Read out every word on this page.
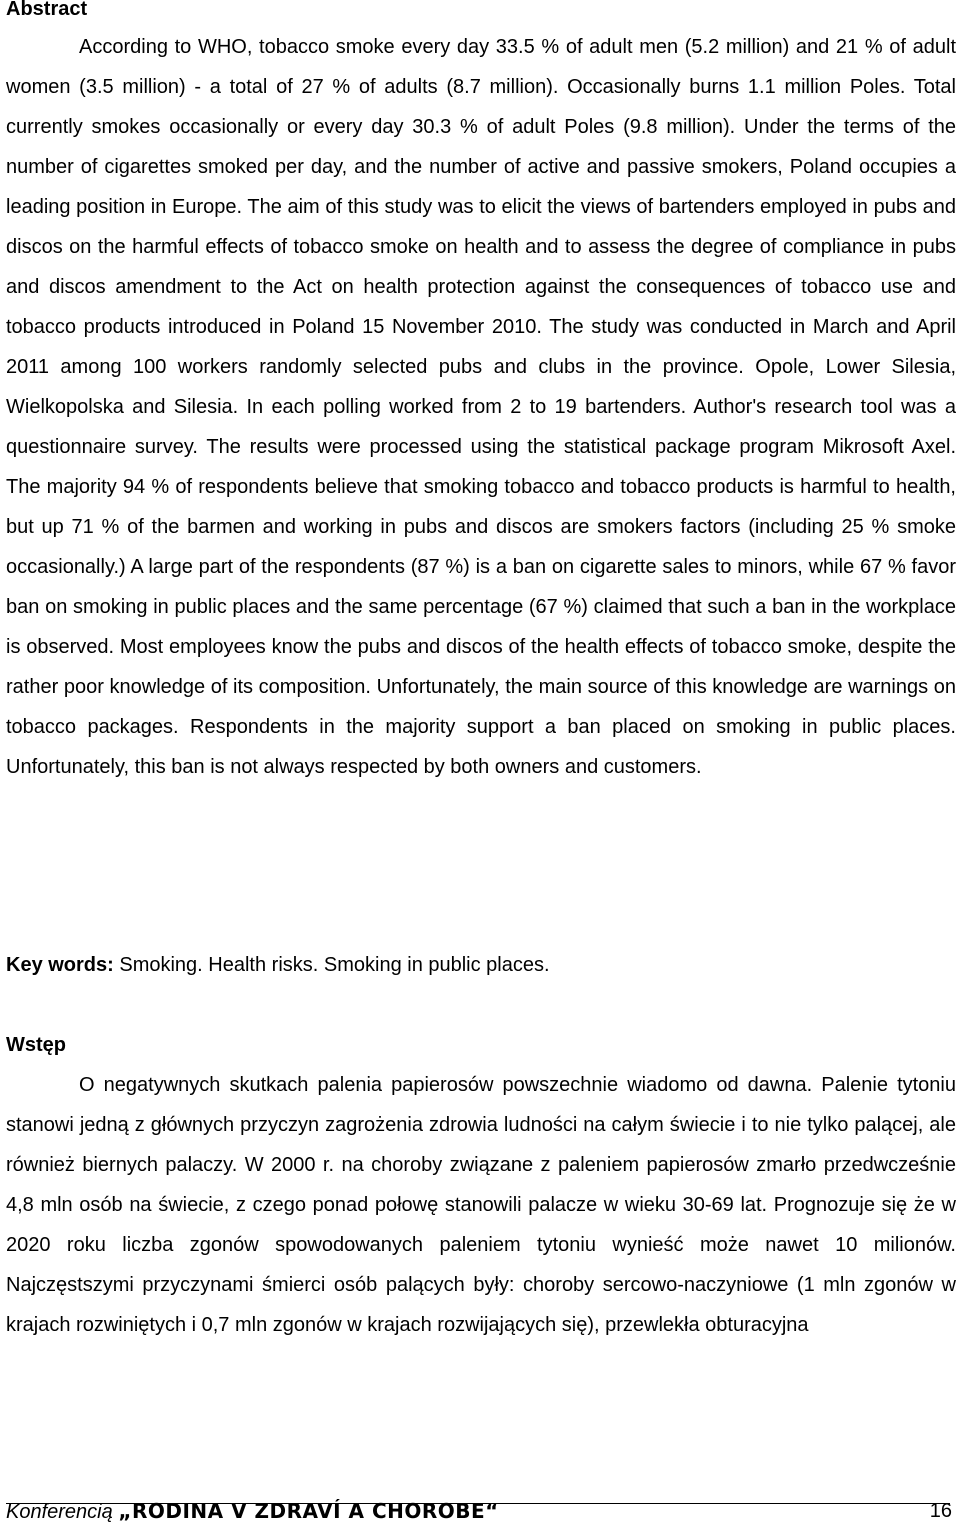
Abstract

According to WHO, tobacco smoke every day 33.5 % of adult men (5.2 million) and 21 % of adult women (3.5 million) - a total of 27 % of adults (8.7 million). Occasionally burns 1.1 million Poles. Total currently smokes occasionally or every day 30.3 % of adult Poles (9.8 million). Under the terms of the number of cigarettes smoked per day, and the number of active and passive smokers, Poland occupies a leading position in Europe. The aim of this study was to elicit the views of bartenders employed in pubs and discos on the harmful effects of tobacco smoke on health and to assess the degree of compliance in pubs and discos amendment to the Act on health protection against the consequences of tobacco use and tobacco products introduced in Poland 15 November 2010. The study was conducted in March and April 2011 among 100 workers randomly selected pubs and clubs in the province. Opole, Lower Silesia, Wielkopolska and Silesia. In each polling worked from 2 to 19 bartenders. Author's research tool was a questionnaire survey. The results were processed using the statistical package program Mikrosoft Axel. The majority 94 % of respondents believe that smoking tobacco and tobacco products is harmful to health, but up 71 % of the barmen and working in pubs and discos are smokers factors (including 25 % smoke occasionally.) A large part of the respondents (87 %) is a ban on cigarette sales to minors, while 67 % favor ban on smoking in public places and the same percentage (67 %) claimed that such a ban in the workplace is observed. Most employees know the pubs and discos of the health effects of tobacco smoke, despite the rather poor knowledge of its composition. Unfortunately, the main source of this knowledge are warnings on tobacco packages. Respondents in the majority support a ban placed on smoking in public places. Unfortunately, this ban is not always respected by both owners and customers.

Key words: Smoking. Health risks. Smoking in public places.

Wstęp

O negatywnych skutkach palenia papierosów powszechnie wiadomo od dawna. Palenie tytoniu stanowi jedną z głównych przyczyn zagrożenia zdrowia ludności na całym świecie i to nie tylko palącej, ale również biernych palaczy. W 2000 r. na choroby związane z paleniem papierosów zmarło przedwcześnie 4,8 mln osób na świecie, z czego ponad połowę stanowili palacze w wieku 30-69 lat. Prognozuje się że w 2020 roku liczba zgonów spowodowanych paleniem tytoniu wynieść może nawet 10 milionów. Najczęstszymi przyczynami śmierci osób palących były: choroby sercowo-naczyniowe (1 mln zgonów w krajach rozwiniętych i 0,7 mln zgonów w krajach rozwijających się), przewlekła obturacyjna

Konferencią „RODINA V ZDRAVÍ A CHOROBE“	16
